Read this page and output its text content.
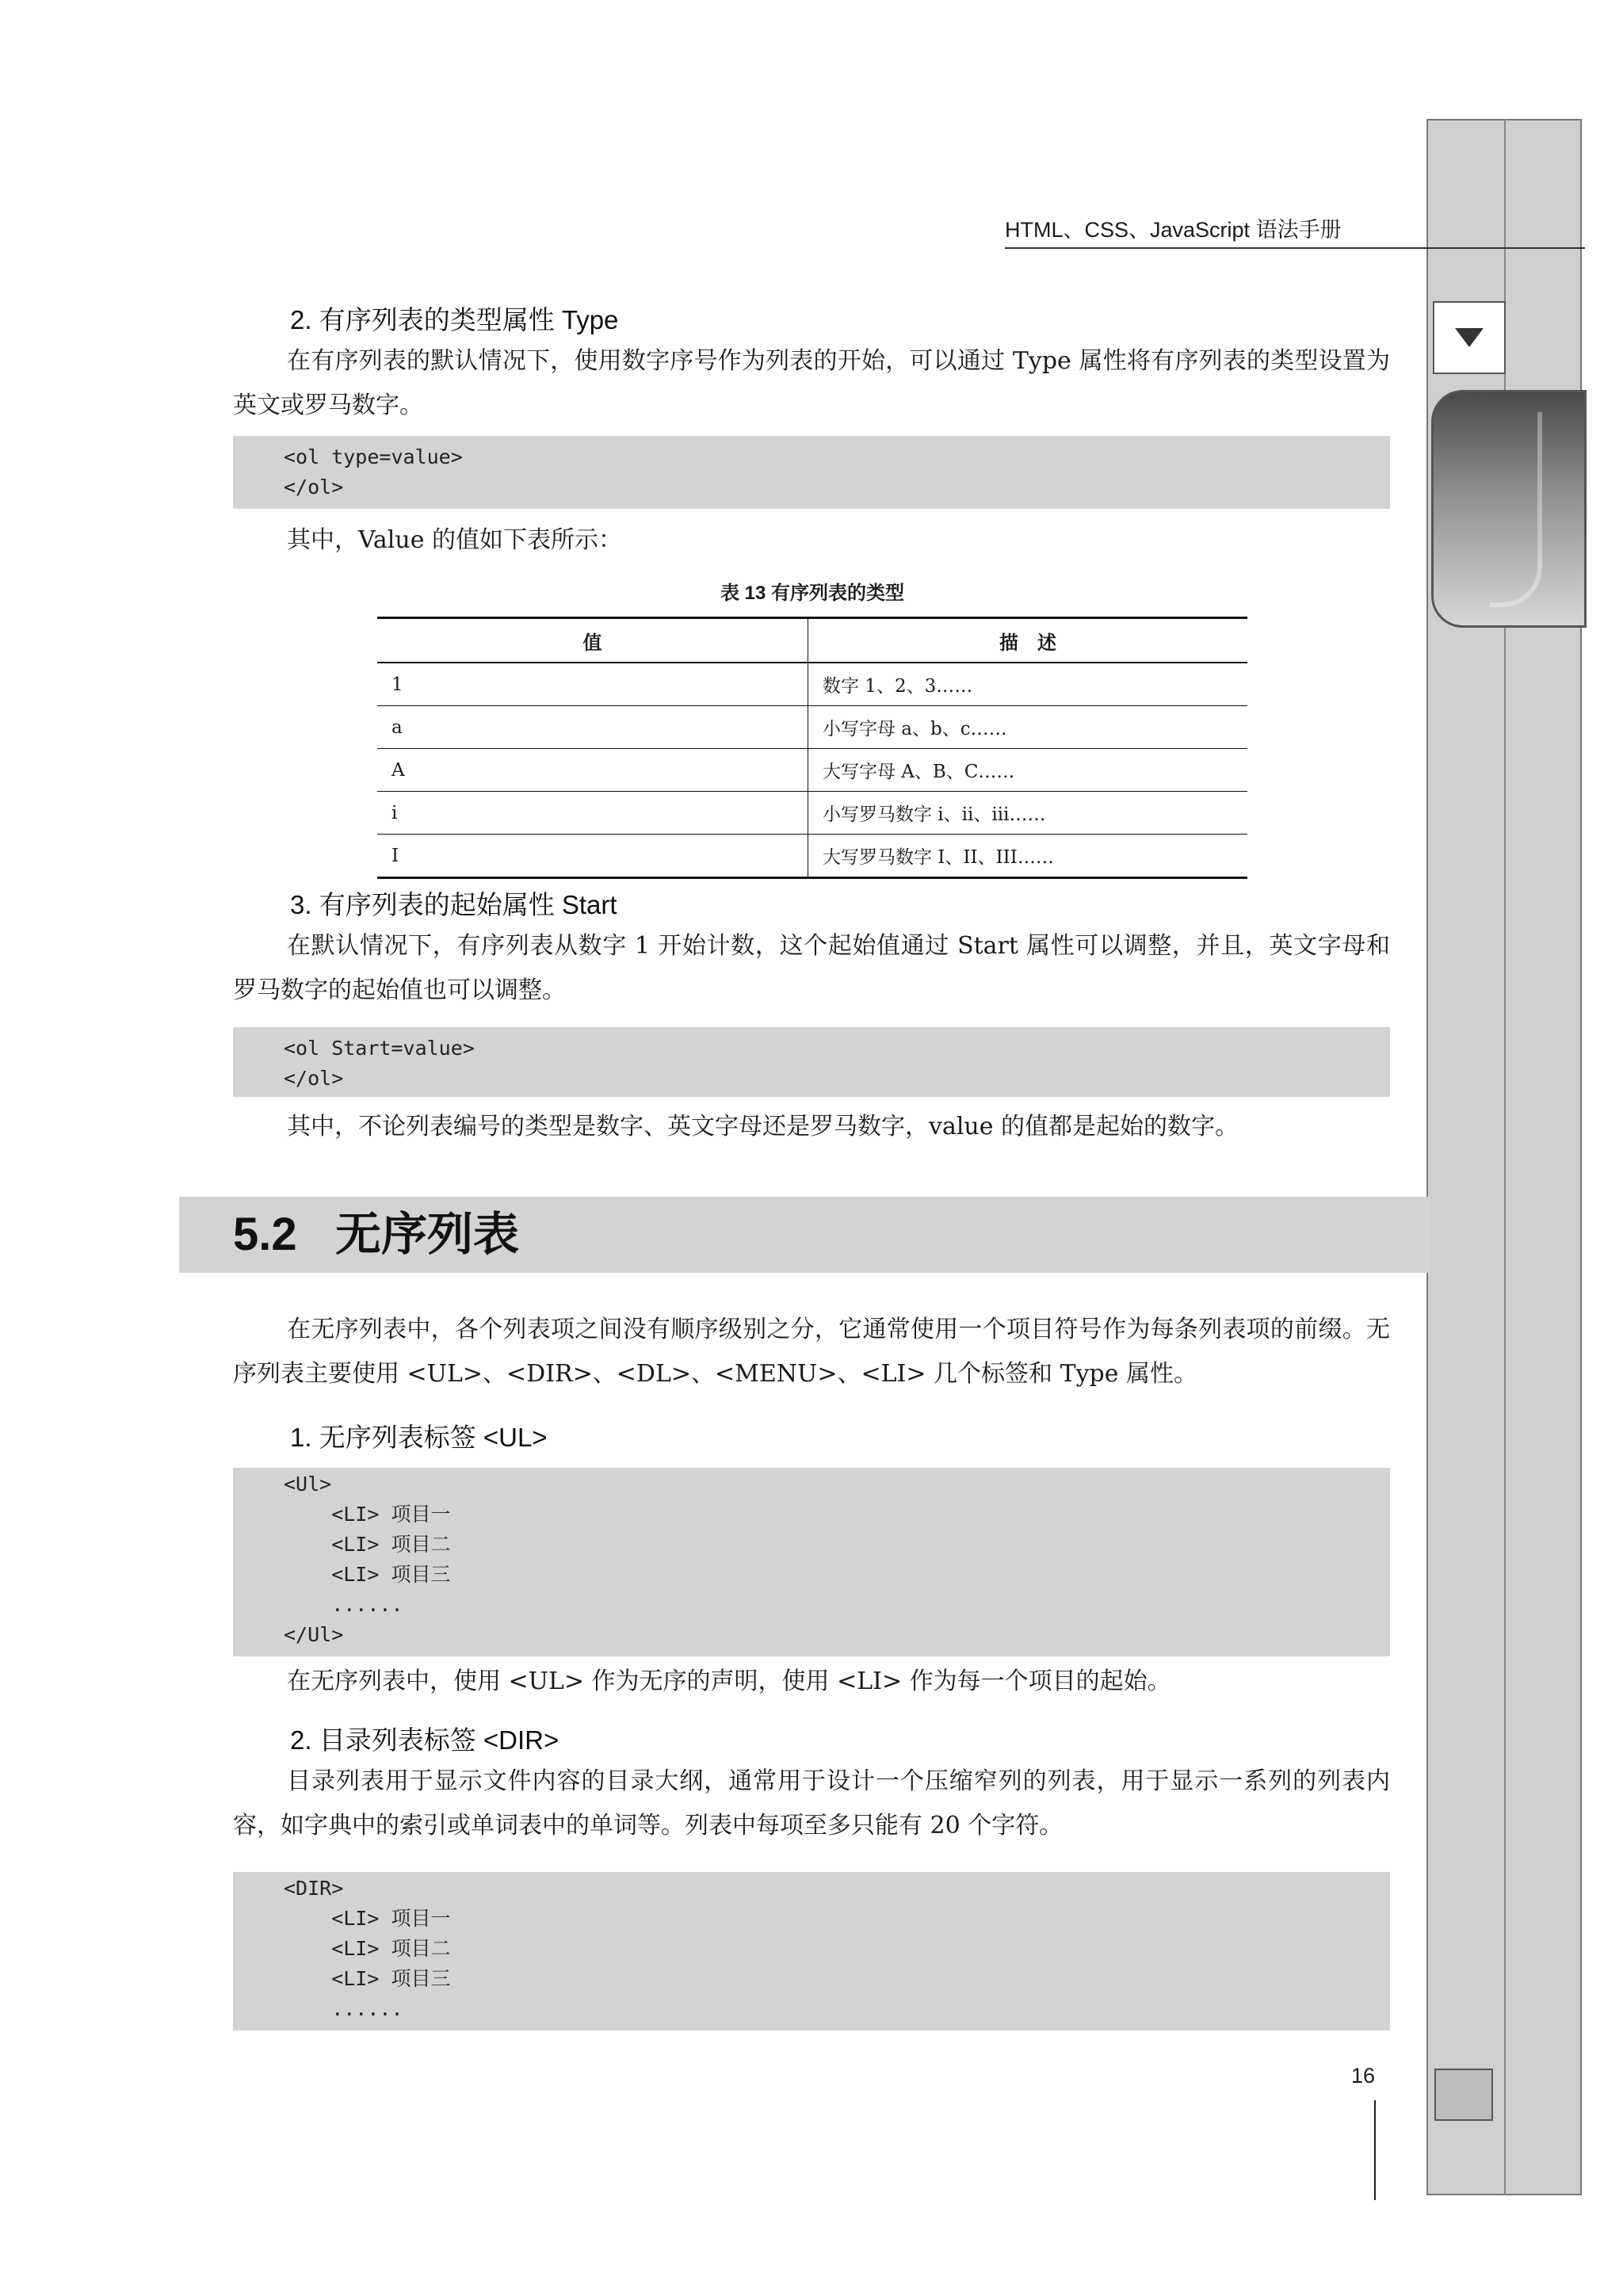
HTML、CSS、JavaScript 语法手册
2. 有序列表的类型属性 Type
在有序列表的默认情况下，使用数字序号作为列表的开始，可以通过 Type 属性将有序列表的类型设置为英文或罗马数字。
<ol type=value>
</ol>
其中，Value 的值如下表所示：
表 13 有序列表的类型
值	描　述
1	数字 1、2、3……
a	小写字母 a、b、c……
A	大写字母 A、B、C……
i	小写罗马数字 i、ii、iii……
I	大写罗马数字 I、II、III……
3. 有序列表的起始属性 Start
在默认情况下，有序列表从数字 1 开始计数，这个起始值通过 Start 属性可以调整，并且，英文字母和罗马数字的起始值也可以调整。
<ol Start=value>
</ol>
其中，不论列表编号的类型是数字、英文字母还是罗马数字，value 的值都是起始的数字。
5.2   无序列表
在无序列表中，各个列表项之间没有顺序级别之分，它通常使用一个项目符号作为每条列表项的前缀。无序列表主要使用 <UL>、<DIR>、<DL>、<MENU>、<LI> 几个标签和 Type 属性。
1. 无序列表标签 <UL>
<Ul>
<LI> 项目一
<LI> 项目二
<LI> 项目三
......
</Ul>
在无序列表中，使用 <UL> 作为无序的声明，使用 <LI> 作为每一个项目的起始。
2. 目录列表标签 <DIR>
目录列表用于显示文件内容的目录大纲，通常用于设计一个压缩窄列的列表，用于显示一系列的列表内容，如字典中的索引或单词表中的单词等。列表中每项至多只能有 20 个字符。
<DIR>
<LI> 项目一
<LI> 项目二
<LI> 项目三
......
16
